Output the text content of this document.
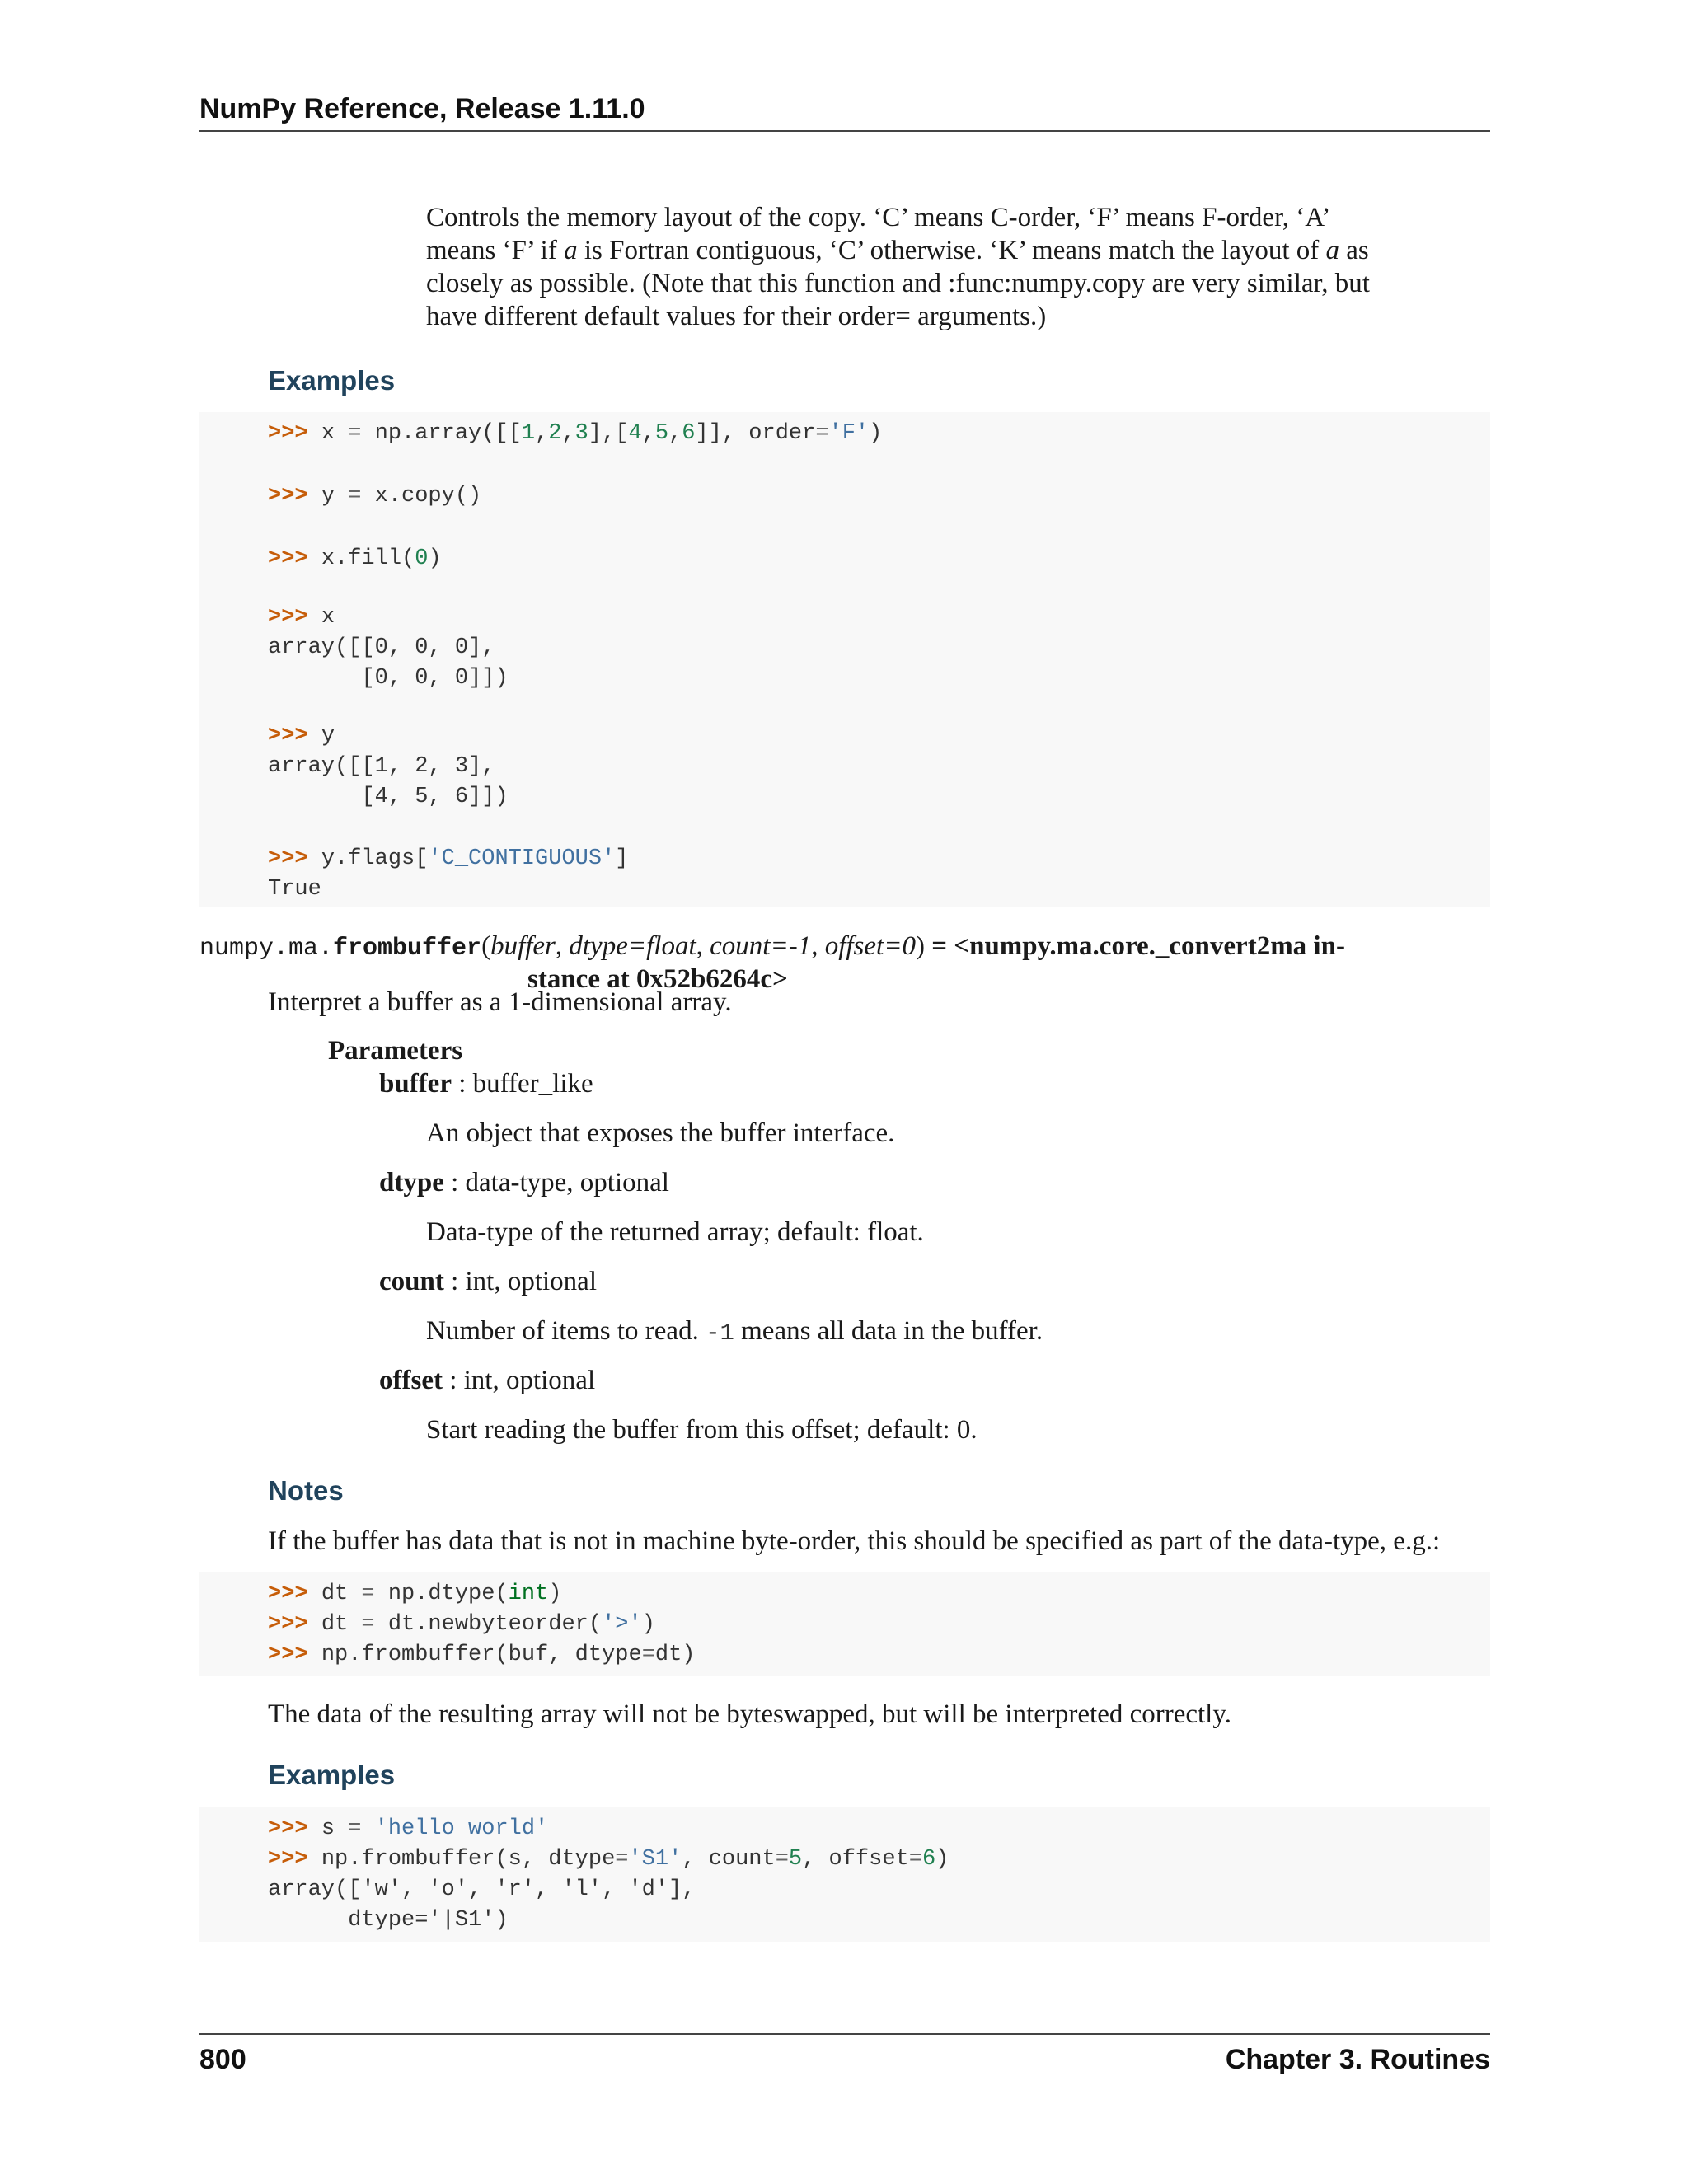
NumPy Reference, Release 1.11.0
Controls the memory layout of the copy. ‘C’ means C-order, ‘F’ means F-order, ‘A’
means ‘F’ if a is Fortran contiguous, ‘C’ otherwise. ‘K’ means match the layout of a as
closely as possible. (Note that this function and :func:numpy.copy are very similar, but
have different default values for their order= arguments.)
Examples
>>> x = np.array([[1,2,3],[4,5,6]], order='F')
>>> y = x.copy()
>>> x.fill(0)
>>> x
array([[0, 0, 0],
[0, 0, 0]])
>>> y
array([[1, 2, 3],
[4, 5, 6]])
>>> y.flags['C_CONTIGUOUS']
True
numpy.ma.frombuffer(buffer, dtype=float, count=-1, offset=0) = <numpy.ma.core._convert2ma in-
stance at 0x52b6264c>
Interpret a buffer as a 1-dimensional array.
Parameters
buffer : buffer_like
An object that exposes the buffer interface.
dtype : data-type, optional
Data-type of the returned array; default: float.
count : int, optional
Number of items to read. -1 means all data in the buffer.
offset : int, optional
Start reading the buffer from this offset; default: 0.
Notes
If the buffer has data that is not in machine byte-order, this should be specified as part of the data-type, e.g.:
>>> dt = np.dtype(int)
>>> dt = dt.newbyteorder('>')
>>> np.frombuffer(buf, dtype=dt)
The data of the resulting array will not be byteswapped, but will be interpreted correctly.
Examples
>>> s = 'hello world'
>>> np.frombuffer(s, dtype='S1', count=5, offset=6)
array(['w', 'o', 'r', 'l', 'd'],
dtype='|S1')
800	Chapter 3. Routines
